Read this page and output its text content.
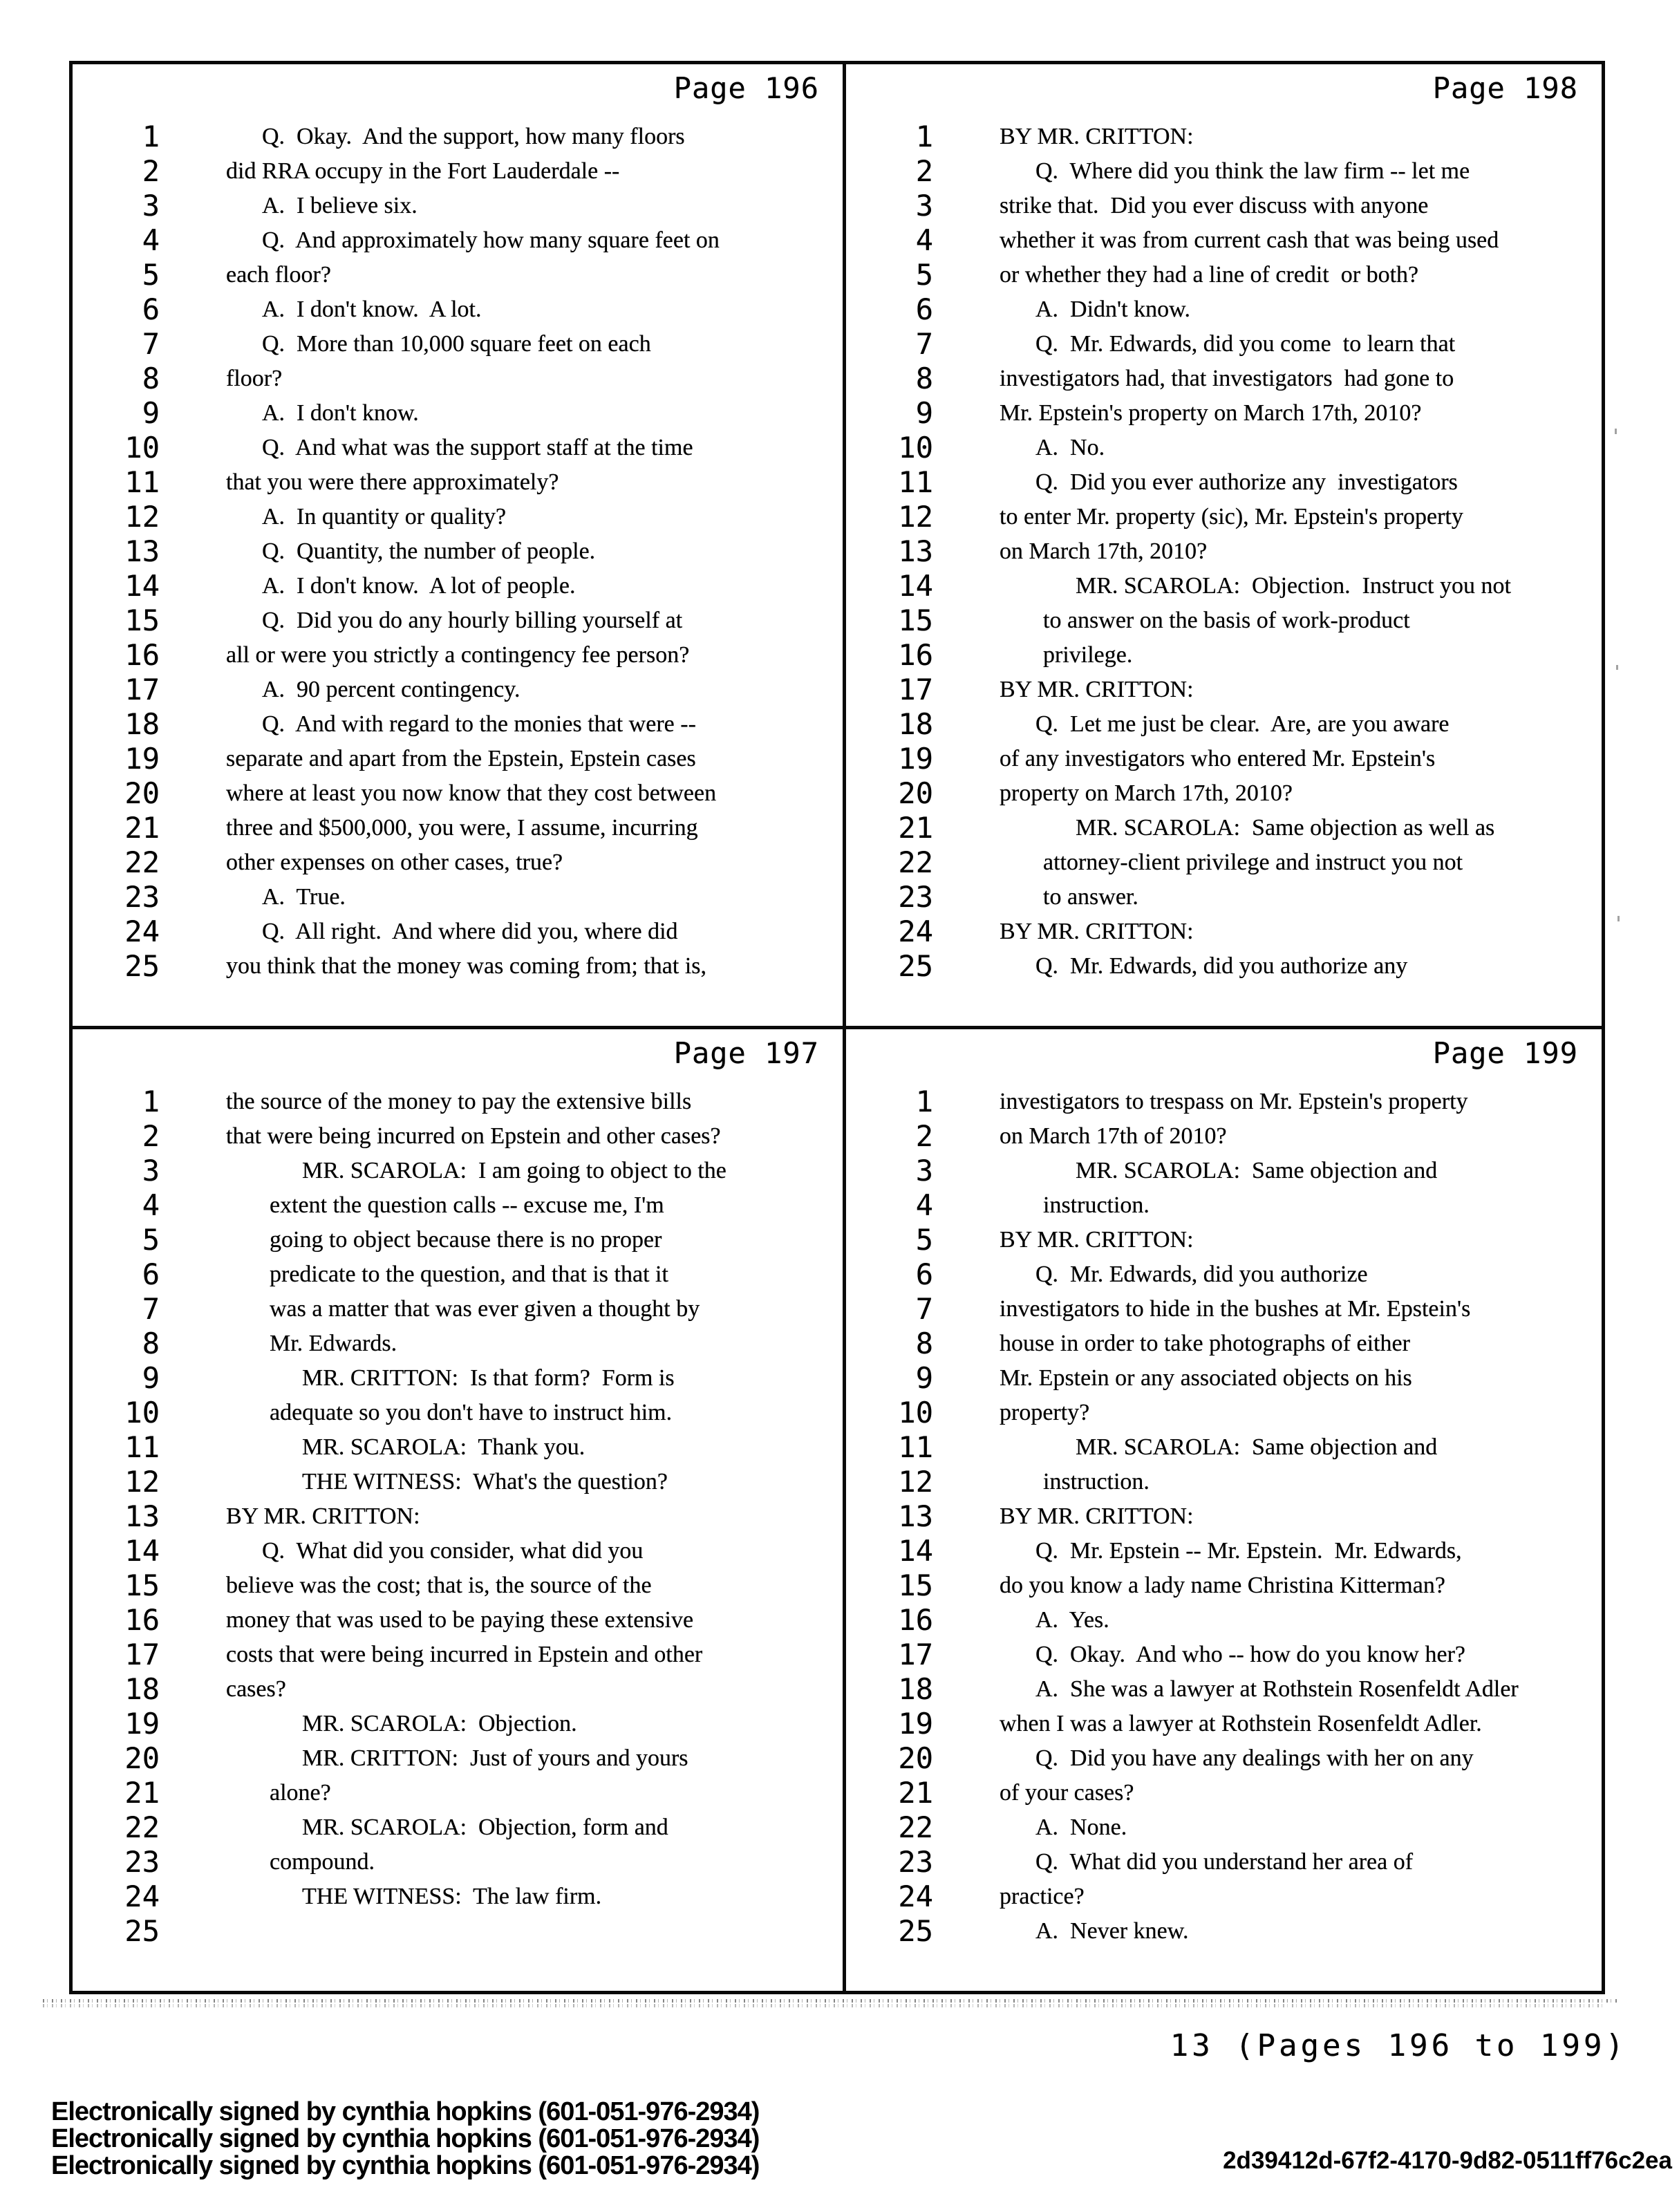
Page 196
1	Q.  Okay.  And the support, how many floors
2	did RRA occupy in the Fort Lauderdale --
3	A.  I believe six.
4	Q.  And approximately how many square feet on
5	each floor?
6	A.  I don't know.  A lot.
7	Q.  More than 10,000 square feet on each
8	floor?
9	A.  I don't know.
10	Q.  And what was the support staff at the time
11	that you were there approximately?
12	A.  In quantity or quality?
13	Q.  Quantity, the number of people.
14	A.  I don't know.  A lot of people.
15	Q.  Did you do any hourly billing yourself at
16	all or were you strictly a contingency fee person?
17	A.  90 percent contingency.
18	Q.  And with regard to the monies that were --
19	separate and apart from the Epstein, Epstein cases
20	where at least you now know that they cost between
21	three and $500,000, you were, I assume, incurring
22	other expenses on other cases, true?
23	A.  True.
24	Q.  All right.  And where did you, where did
25	you think that the money was coming from; that is,
Page 197
1	the source of the money to pay the extensive bills
2	that were being incurred on Epstein and other cases?
3	MR. SCAROLA:  I am going to object to the
4	extent the question calls -- excuse me, I'm
5	going to object because there is no proper
6	predicate to the question, and that is that it
7	was a matter that was ever given a thought by
8	Mr. Edwards.
9	MR. CRITTON:  Is that form?  Form is
10	adequate so you don't have to instruct him.
11	MR. SCAROLA:  Thank you.
12	THE WITNESS:  What's the question?
13	BY MR. CRITTON:
14	Q.  What did you consider, what did you
15	believe was the cost; that is, the source of the
16	money that was used to be paying these extensive
17	costs that were being incurred in Epstein and other
18	cases?
19	MR. SCAROLA:  Objection.
20	MR. CRITTON:  Just of yours and yours
21	alone?
22	MR. SCAROLA:  Objection, form and
23	compound.
24	THE WITNESS:  The law firm.
25
Page 198
1	BY MR. CRITTON:
2	Q.  Where did you think the law firm -- let me
3	strike that.  Did you ever discuss with anyone
4	whether it was from current cash that was being used
5	or whether they had a line of credit  or both?
6	A.  Didn't know.
7	Q.  Mr. Edwards, did you come  to learn that
8	investigators had, that investigators  had gone to
9	Mr. Epstein's property on March 17th, 2010?
10	A.  No.
11	Q.  Did you ever authorize any  investigators
12	to enter Mr. property (sic), Mr. Epstein's property
13	on March 17th, 2010?
14	MR. SCAROLA:  Objection.  Instruct you not
15	to answer on the basis of work-product
16	privilege.
17	BY MR. CRITTON:
18	Q.  Let me just be clear.  Are, are you aware
19	of any investigators who entered Mr. Epstein's
20	property on March 17th, 2010?
21	MR. SCAROLA:  Same objection as well as
22	attorney-client privilege and instruct you not
23	to answer.
24	BY MR. CRITTON:
25	Q.  Mr. Edwards, did you authorize any
Page 199
1	investigators to trespass on Mr. Epstein's property
2	on March 17th of 2010?
3	MR. SCAROLA:  Same objection and
4	instruction.
5	BY MR. CRITTON:
6	Q.  Mr. Edwards, did you authorize
7	investigators to hide in the bushes at Mr. Epstein's
8	house in order to take photographs of either
9	Mr. Epstein or any associated objects on his
10	property?
11	MR. SCAROLA:  Same objection and
12	instruction.
13	BY MR. CRITTON:
14	Q.  Mr. Epstein -- Mr. Epstein.  Mr. Edwards,
15	do you know a lady name Christina Kitterman?
16	A.  Yes.
17	Q.  Okay.  And who -- how do you know her?
18	A.  She was a lawyer at Rothstein Rosenfeldt Adler
19	when I was a lawyer at Rothstein Rosenfeldt Adler.
20	Q.  Did you have any dealings with her on any
21	of your cases?
22	A.  None.
23	Q.  What did you understand her area of
24	practice?
25	A.  Never knew.
13 (Pages 196 to 199)
Electronically signed by cynthia hopkins (601-051-976-2934)
Electronically signed by cynthia hopkins (601-051-976-2934)
Electronically signed by cynthia hopkins (601-051-976-2934)	2d39412d-67f2-4170-9d82-0511ff76c2ea
